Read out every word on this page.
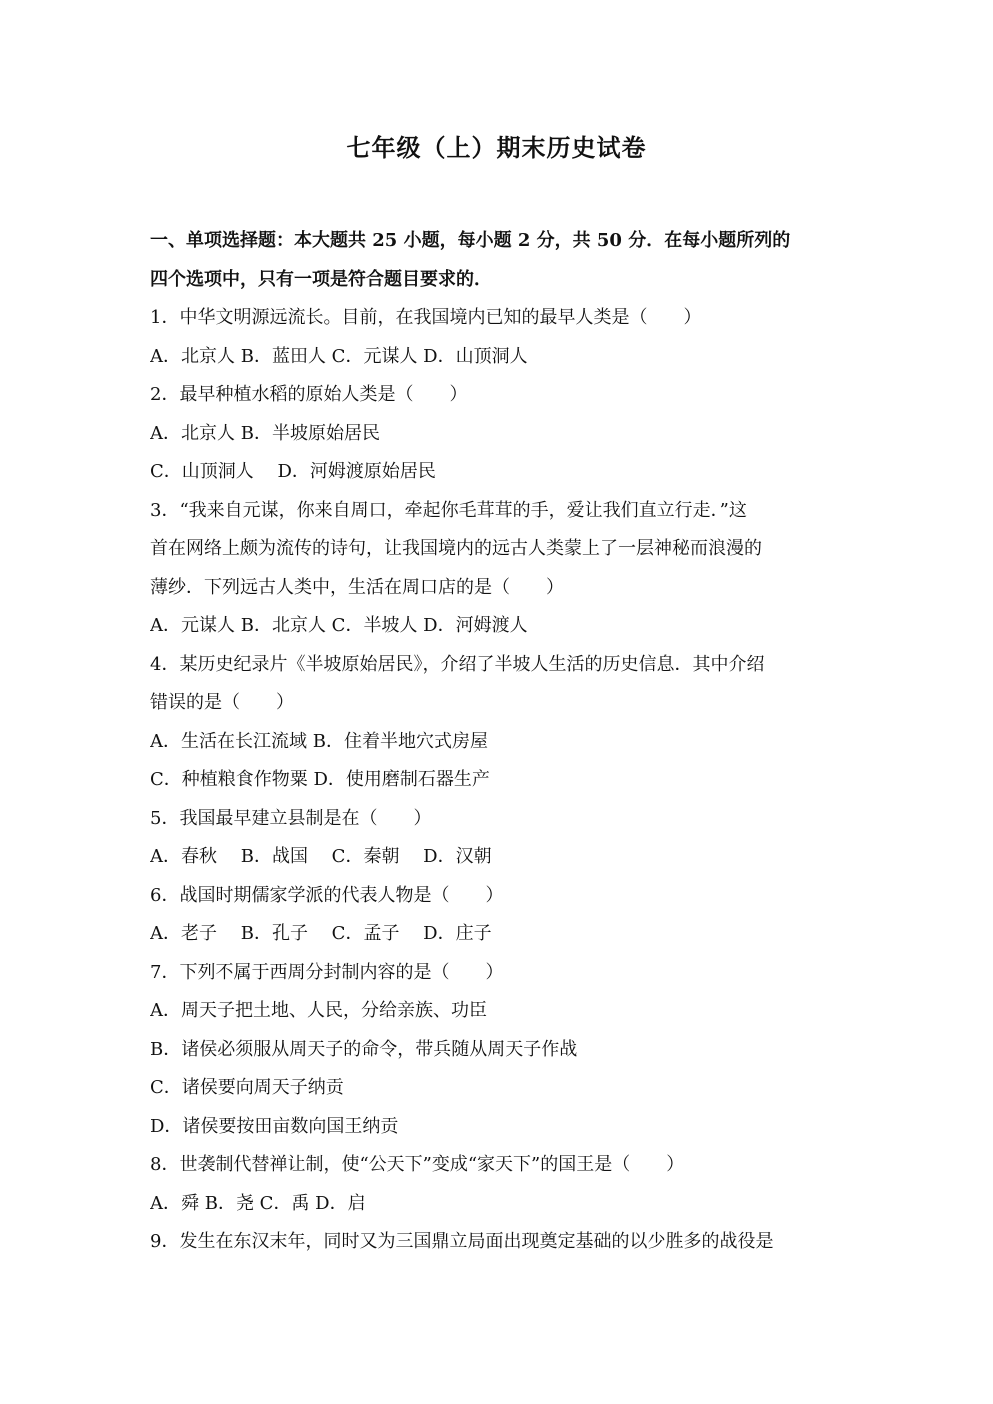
七年级（上）期末历史试卷
一、单项选择题：本大题共 25 小题，每小题 2 分，共 50 分．在每小题所列的
四个选项中，只有一项是符合题目要求的．
1．中华文明源远流长。目前，在我国境内已知的最早人类是（　　）
A．北京人 B．蓝田人 C．元谋人 D．山顶洞人
2．最早种植水稻的原始人类是（　　）
A．北京人 B．半坡原始居民
C．山顶洞人　 D．河姆渡原始居民
3．“我来自元谋，你来自周口，牵起你毛茸茸的手，爱让我们直立行走．”这
首在网络上颇为流传的诗句，让我国境内的远古人类蒙上了一层神秘而浪漫的
薄纱．下列远古人类中，生活在周口店的是（　　）
A．元谋人 B．北京人 C．半坡人 D．河姆渡人
4．某历史纪录片《半坡原始居民》，介绍了半坡人生活的历史信息．其中介绍
错误的是（　　）
A．生活在长江流域 B．住着半地穴式房屋
C．种植粮食作物粟 D．使用磨制石器生产
5．我国最早建立县制是在（　　）
A．春秋　 B．战国　 C．秦朝　 D．汉朝
6．战国时期儒家学派的代表人物是（　　）
A．老子　 B．孔子　 C．孟子　 D．庄子
7．下列不属于西周分封制内容的是（　　）
A．周天子把土地、人民，分给亲族、功臣
B．诸侯必须服从周天子的命令，带兵随从周天子作战
C．诸侯要向周天子纳贡
D．诸侯要按田亩数向国王纳贡
8．世袭制代替禅让制，使“公天下”变成“家天下”的国王是（　　）
A．舜 B．尧 C．禹 D．启
9．发生在东汉末年，同时又为三国鼎立局面出现奠定基础的以少胜多的战役是
